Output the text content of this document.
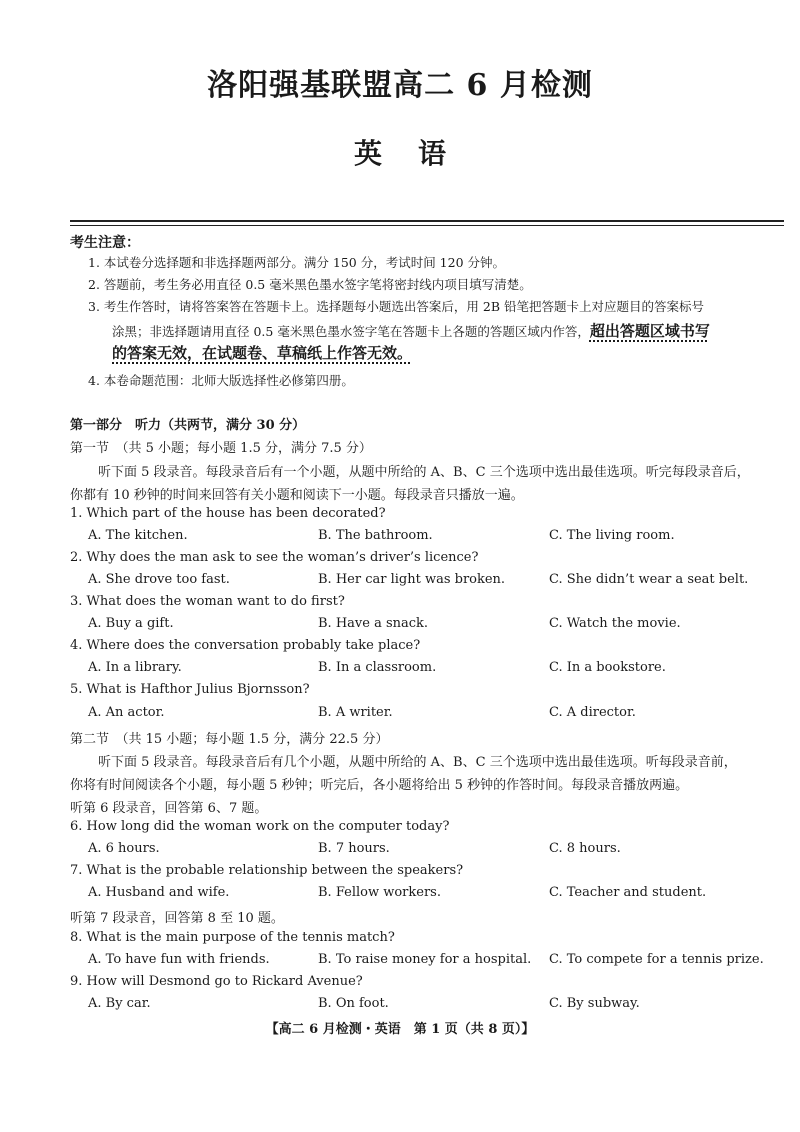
洛阳强基联盟高二 6 月检测
英语
考生注意：
1. 本试卷分选择题和非选择题两部分。满分 150 分，考试时间 120 分钟。
2. 答题前，考生务必用直径 0.5 毫米黑色墨水签字笔将密封线内项目填写清楚。
3. 考生作答时，请将答案答在答题卡上。选择题每小题选出答案后，用 2B 铅笔把答题卡上对应题目的答案标号
涂黑；非选择题请用直径 0.5 毫米黑色墨水签字笔在答题卡上各题的答题区域内作答，超出答题区域书写
的答案无效，在试题卷、草稿纸上作答无效。
4. 本卷命题范围：北师大版选择性必修第四册。
第一部分　听力（共两节，满分 30 分）
第一节　（共 5 小题；每小题 1.5 分，满分 7.5 分）
听下面 5 段录音。每段录音后有一个小题，从题中所给的 A、B、C 三个选项中选出最佳选项。听完每段录音后，
你都有 10 秒钟的时间来回答有关小题和阅读下一小题。每段录音只播放一遍。
1. Which part of the house has been decorated?
A. The kitchen.	B. The bathroom.	C. The living room.
2. Why does the man ask to see the woman’s driver’s licence?
A. She drove too fast.	B. Her car light was broken.	C. She didn’t wear a seat belt.
3. What does the woman want to do first?
A. Buy a gift.	B. Have a snack.	C. Watch the movie.
4. Where does the conversation probably take place?
A. In a library.	B. In a classroom.	C. In a bookstore.
5. What is Hafthor Julius Bjornsson?
A. An actor.	B. A writer.	C. A director.
第二节　（共 15 小题；每小题 1.5 分，满分 22.5 分）
听下面 5 段录音。每段录音后有几个小题，从题中所给的 A、B、C 三个选项中选出最佳选项。听每段录音前，
你将有时间阅读各个小题，每小题 5 秒钟；听完后，各小题将给出 5 秒钟的作答时间。每段录音播放两遍。
听第 6 段录音，回答第 6、7 题。
6. How long did the woman work on the computer today?
A. 6 hours.	B. 7 hours.	C. 8 hours.
7. What is the probable relationship between the speakers?
A. Husband and wife.	B. Fellow workers.	C. Teacher and student.
听第 7 段录音，回答第 8 至 10 题。
8. What is the main purpose of the tennis match?
A. To have fun with friends.	B. To raise money for a hospital. C. To compete for a tennis prize.
9. How will Desmond go to Rickard Avenue?
A. By car.	B. On foot.	C. By subway.
【高二 6 月检测・英语　第 1 页（共 8 页）】
